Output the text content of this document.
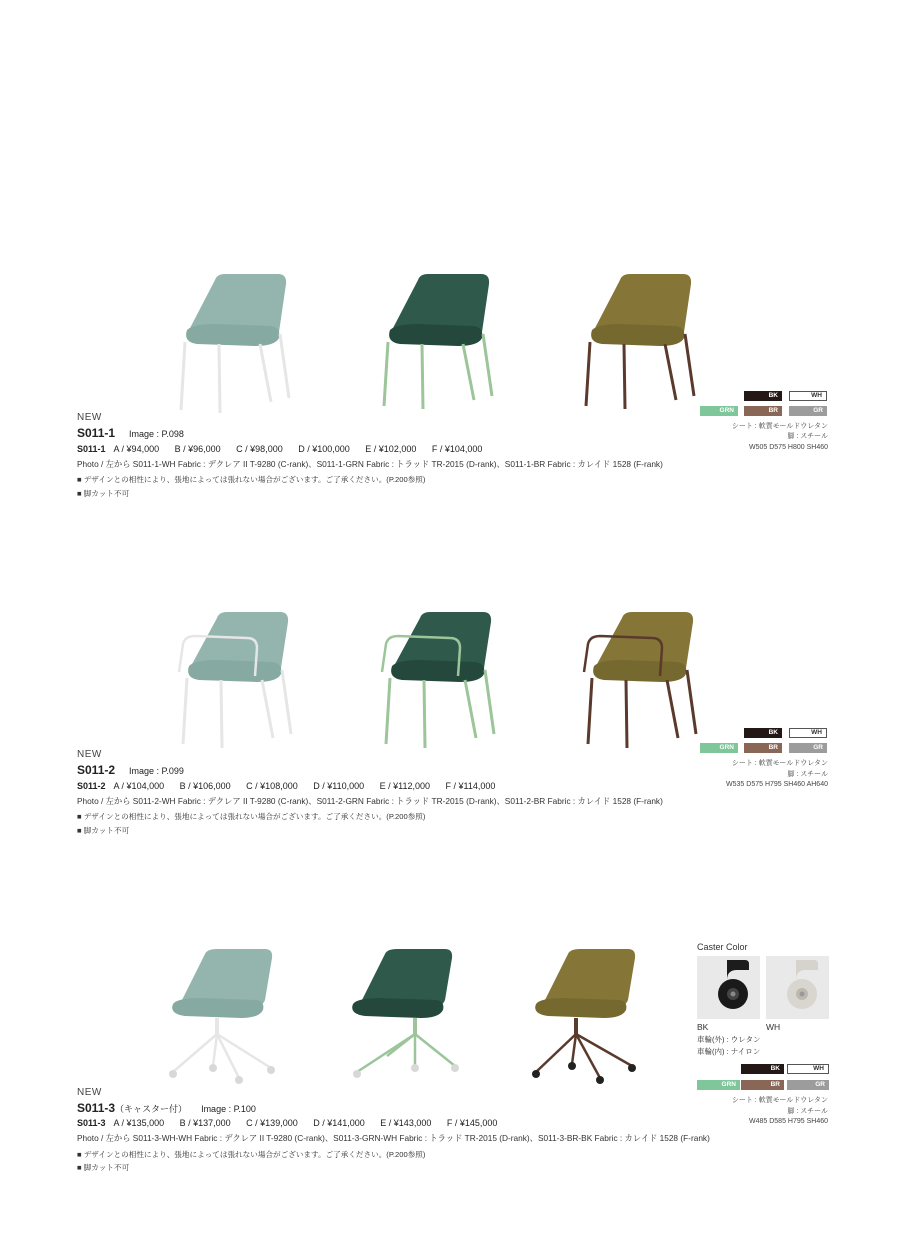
BK	WH
GRN	BR	GR
シート : 軟質モールドウレタン
脚 : スチール
W505 D575 H800 SH460
NEW
S011-1 Image : P.098
S011-1 A / ¥94,000 B / ¥96,000 C / ¥98,000 D / ¥100,000 E / ¥102,000 F / ¥104,000
Photo / 左から S011-1-WH Fabric : デクレア II T-9280 (C-rank)、S011-1-GRN Fabric : トラッド TR-2015 (D-rank)、S011-1-BR Fabric : カレイド 1528 (F-rank)
■ デザインとの相性により、張地によっては張れない場合がございます。ご了承ください。(P.200参照)
■ 脚カット不可
BK	WH
GRN	BR	GR
シート : 軟質モールドウレタン
脚 : スチール
W535 D575 H795 SH460 AH640
NEW
S011-2 Image : P.099
S011-2 A / ¥104,000 B / ¥106,000 C / ¥108,000 D / ¥110,000 E / ¥112,000 F / ¥114,000
Photo / 左から S011-2-WH Fabric : デクレア II T-9280 (C-rank)、S011-2-GRN Fabric : トラッド TR-2015 (D-rank)、S011-2-BR Fabric : カレイド 1528 (F-rank)
■ デザインとの相性により、張地によっては張れない場合がございます。ご了承ください。(P.200参照)
■ 脚カット不可
Caster Color
BK	WH
車輪(外) : ウレタン
車輪(内) : ナイロン
BK	WH
GRN	BR	GR
シート : 軟質モールドウレタン
脚 : スチール
W485 D585 H795 SH460
NEW
S011-3（キャスター付） Image : P.100
S011-3 A / ¥135,000 B / ¥137,000 C / ¥139,000 D / ¥141,000 E / ¥143,000 F / ¥145,000
Photo / 左から S011-3-WH-WH Fabric : デクレア II T-9280 (C-rank)、S011-3-GRN-WH Fabric : トラッド TR-2015 (D-rank)、S011-3-BR-BK Fabric : カレイド 1528 (F-rank)
■ デザインとの相性により、張地によっては張れない場合がございます。ご了承ください。(P.200参照)
■ 脚カット不可
